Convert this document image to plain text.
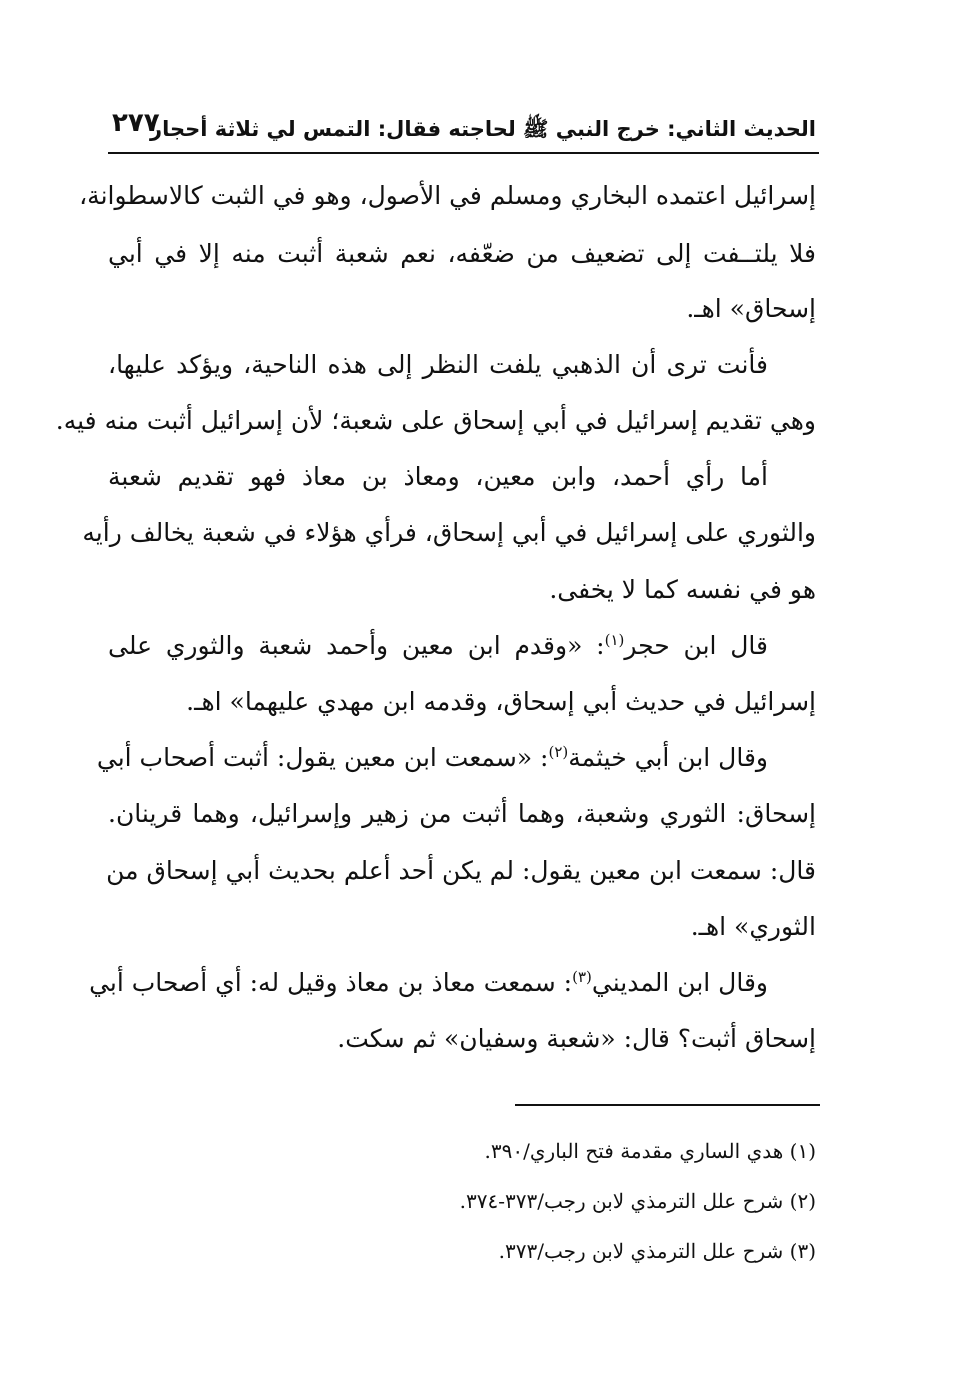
الحديث الثاني: خرج النبي ﷺ لحاجته فقال: التمس لي ثلاثة أحجار
٢٧٧
إسرائيل اعتمده البخاري ومسلم في الأصول، وهو في الثبت كالاسطوانة،
فلا يلتــفت إلى تضعيف من ضعّفه، نعم شعبة أثبت منه إلا في أبي
إسحاق» اهـ.
فأنت ترى أن الذهبي يلفت النظر إلى هذه الناحية، ويؤكد عليها،
وهي تقديم إسرائيل في أبي إسحاق على شعبة؛ لأن إسرائيل أثبت منه فيه.
أما رأي أحمد، وابن معين، ومعاذ بن معاذ فهو تقديم شعبة
والثوري على إسرائيل في أبي إسحاق، فرأي هؤلاء في شعبة يخالف رأيه
هو في نفسه كما لا يخفى.
قال ابن حجر$^{(١)}$: «وقدم ابن معين وأحمد شعبة والثوري على
إسرائيل في حديث أبي إسحاق، وقدمه ابن مهدي عليهما» اهـ.
وقال ابن أبي خيثمة$^{(٢)}$: «سمعت ابن معين يقول: أثبت أصحاب أبي
إسحاق: الثوري وشعبة، وهما أثبت من زهير وإسرائيل، وهما قرينان.
قال: سمعت ابن معين يقول: لم يكن أحد أعلم بحديث أبي إسحاق من
الثوري» اهـ.
وقال ابن المديني$^{(٣)}$: سمعت معاذ بن معاذ وقيل له: أي أصحاب أبي
إسحاق أثبت؟ قال: «شعبة وسفيان» ثم سكت.
(١) هدي الساري مقدمة فتح الباري/٣٩٠.
(٢) شرح علل الترمذي لابن رجب/٣٧٣-٣٧٤.
(٣) شرح علل الترمذي لابن رجب/٣٧٣.
